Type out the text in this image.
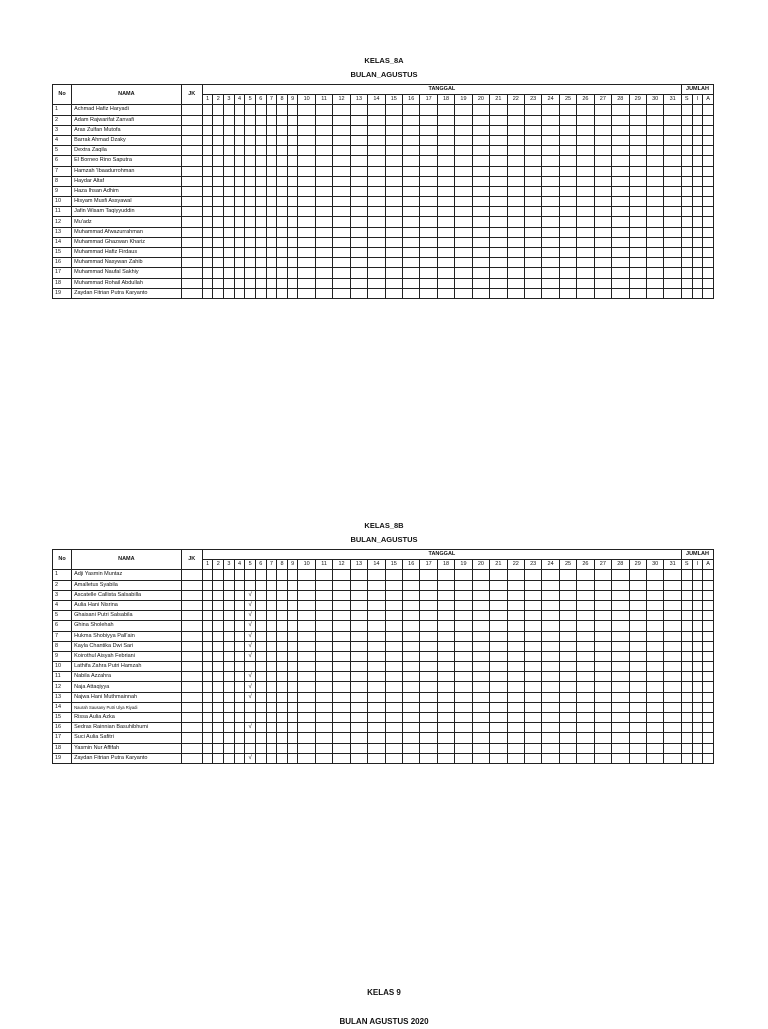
KELAS_8A
BULAN_AGUSTUS
No	NAMA	JK	TANGGAL																															JUMLAH		
			1	2	3	4	5	6	7	8	9	10	11	12	13	14	15	16	17	18	19	20	21	22	23	24	25	26	27	28	29	30	31	S	I	A
1	Achmad Hafiz Haryadi																																			
2	Adam Rajwarifat Zanvafi																																			
3	Aras Zulfan Mutofa																																			
4	Barrak Ahmad Dzaky																																			
5	Dextra Zaqila																																			
6	El Borneo Rino Saputra																																			
7	Hamzah 'Ibaadurrohman																																			
8	Haydar Altaf																																			
9	Haza Ihsan Adhim																																			
10	Hisyam Musfi Assyawal																																			
11	Jafin Wisam Taqiyyuddin																																			
12	Mu'adz																																			
13	Muhammad Afwazurrahman																																			
14	Muhammad Ghazwan Khariz																																			
15	Muhammad Hafiz Firdaus																																			
16	Muhammad Nasywan Zahib																																			
17	Muhammad Naufal Sakhiy																																			
18	Muhammad Rohail Abdullah																																			
19	Zaydan Fitrian Putra Karyanto																																			
KELAS_8B
BULAN_AGUSTUS
No	NAMA	JK	TANGGAL																															JUMLAH		
			1	2	3	4	5	6	7	8	9	10	11	12	13	14	15	16	17	18	19	20	21	22	23	24	25	26	27	28	29	30	31	S	I	A
1	Adji Yasmin Muntaz																																			
2	Amalletus Syabila																																			
3	Ascatelle Callista Salsabilla						√																													
4	Aulia Hani Nisrina						√																													
5	Ghaisani Putri Salsabila						√																													
6	Ghina Sholehah						√																													
7	Hukma Shobiyya Pall'ain						√																													
8	Kayla Chantika Dwi Sari						√																													
9	Koirothul Aisyah Febriani						√																													
10	Lathifa Zahra Putri Hamzah																																			
11	Nabila Azzahra						√																													
12	Naja Attaqiyya						√																													
13	Najwa Hani Muthmainnah						√																													
14	Naurah Sausany Putri Ulya Riyadi																																			
15	Rissa Aulia Azka																																			
16	Sedras Rainnian Basuhibhumi						√																													
17	Suci Aulia Safitri																																			
18	Yasmin Nur Affifah																																			
19	Zaydan Fitrian Putra Karyanto						√																													
KELAS 9
BULAN AGUSTUS 2020
